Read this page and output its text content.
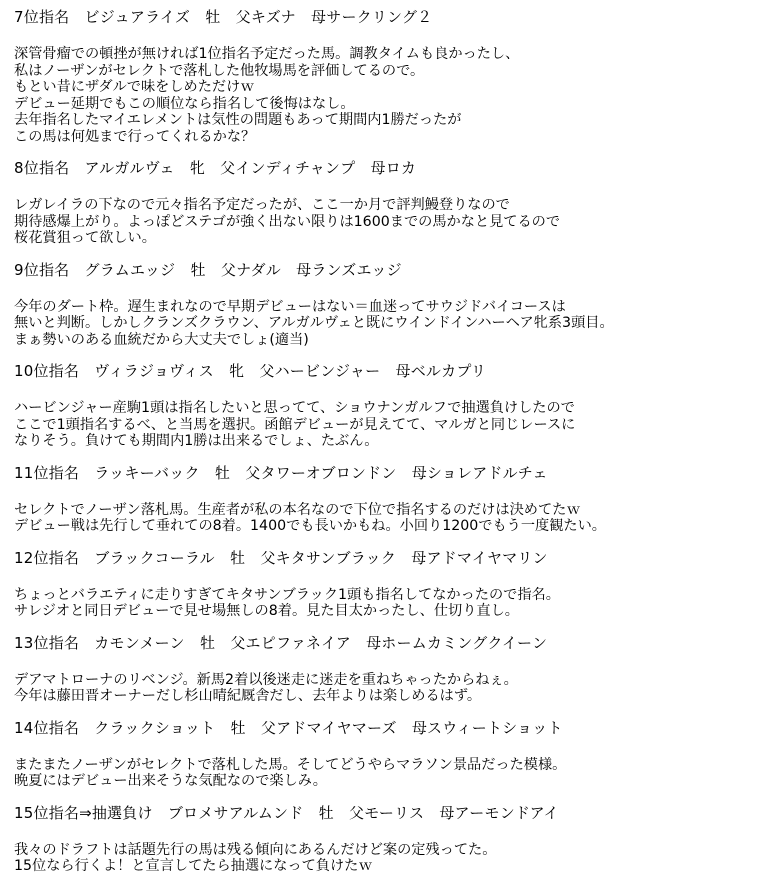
7位指名　ビジュアライズ　牡　父キズナ　母サークリング２
深管骨瘤での頓挫が無ければ1位指名予定だった馬。調教タイムも良かったし、
私はノーザンがセレクトで落札した他牧場馬を評価してるので。
もとい昔にザダルで味をしめただけｗ
デビュー延期でもこの順位なら指名して後悔はなし。
去年指名したマイエレメントは気性の問題もあって期間内1勝だったが
この馬は何処まで行ってくれるかな？
8位指名　アルガルヴェ　牝　父インディチャンプ　母ロカ
レガレイラの下なので元々指名予定だったが、ここ一か月で評判鰻登りなので
期待感爆上がり。よっぽどステゴが強く出ない限りは1600までの馬かなと見てるので
桜花賞狙って欲しい。
9位指名　グラムエッジ　牡　父ナダル　母ランズエッジ
今年のダート枠。遅生まれなので早期デビューはない＝血迷ってサウジドバイコースは
無いと判断。しかしクランズクラウン、アルガルヴェと既にウインドインハーヘア牝系3頭目。
まぁ勢いのある血統だから大丈夫でしょ(適当)
10位指名　ヴィラジョヴィス　牝　父ハービンジャー　母ベルカプリ
ハービンジャー産駒1頭は指名したいと思ってて、ショウナンガルフで抽選負けしたので
ここで1頭指名するべ、と当馬を選択。函館デビューが見えてて、マルガと同じレースに
なりそう。負けても期間内1勝は出来るでしょ、たぶん。
11位指名　ラッキーバック　牡　父タワーオブロンドン　母ショレアドルチェ
セレクトでノーザン落札馬。生産者が私の本名なので下位で指名するのだけは決めてたｗ
デビュー戦は先行して垂れての8着。1400でも長いかもね。小回り1200でもう一度観たい。
12位指名　ブラックコーラル　牡　父キタサンブラック　母アドマイヤマリン
ちょっとバラエティに走りすぎてキタサンブラック1頭も指名してなかったので指名。
サレジオと同日デビューで見せ場無しの8着。見た目太かったし、仕切り直し。
13位指名　カモンメーン　牡　父エピファネイア　母ホームカミングクイーン
デアマトローナのリベンジ。新馬2着以後迷走に迷走を重ねちゃったからねぇ。
今年は藤田晋オーナーだし杉山晴紀厩舎だし、去年よりは楽しめるはず。
14位指名　クラックショット　牡　父アドマイヤマーズ　母スウィートショット
またまたノーザンがセレクトで落札した馬。そしてどうやらマラソン景品だった模様。
晩夏にはデビュー出来そうな気配なので楽しみ。
15位指名⇒抽選負け　ブロメサアルムンド　牡　父モーリス　母アーモンドアイ
我々のドラフトは話題先行の馬は残る傾向にあるんだけど案の定残ってた。
15位なら行くよ！と宣言してたら抽選になって負けたｗ
